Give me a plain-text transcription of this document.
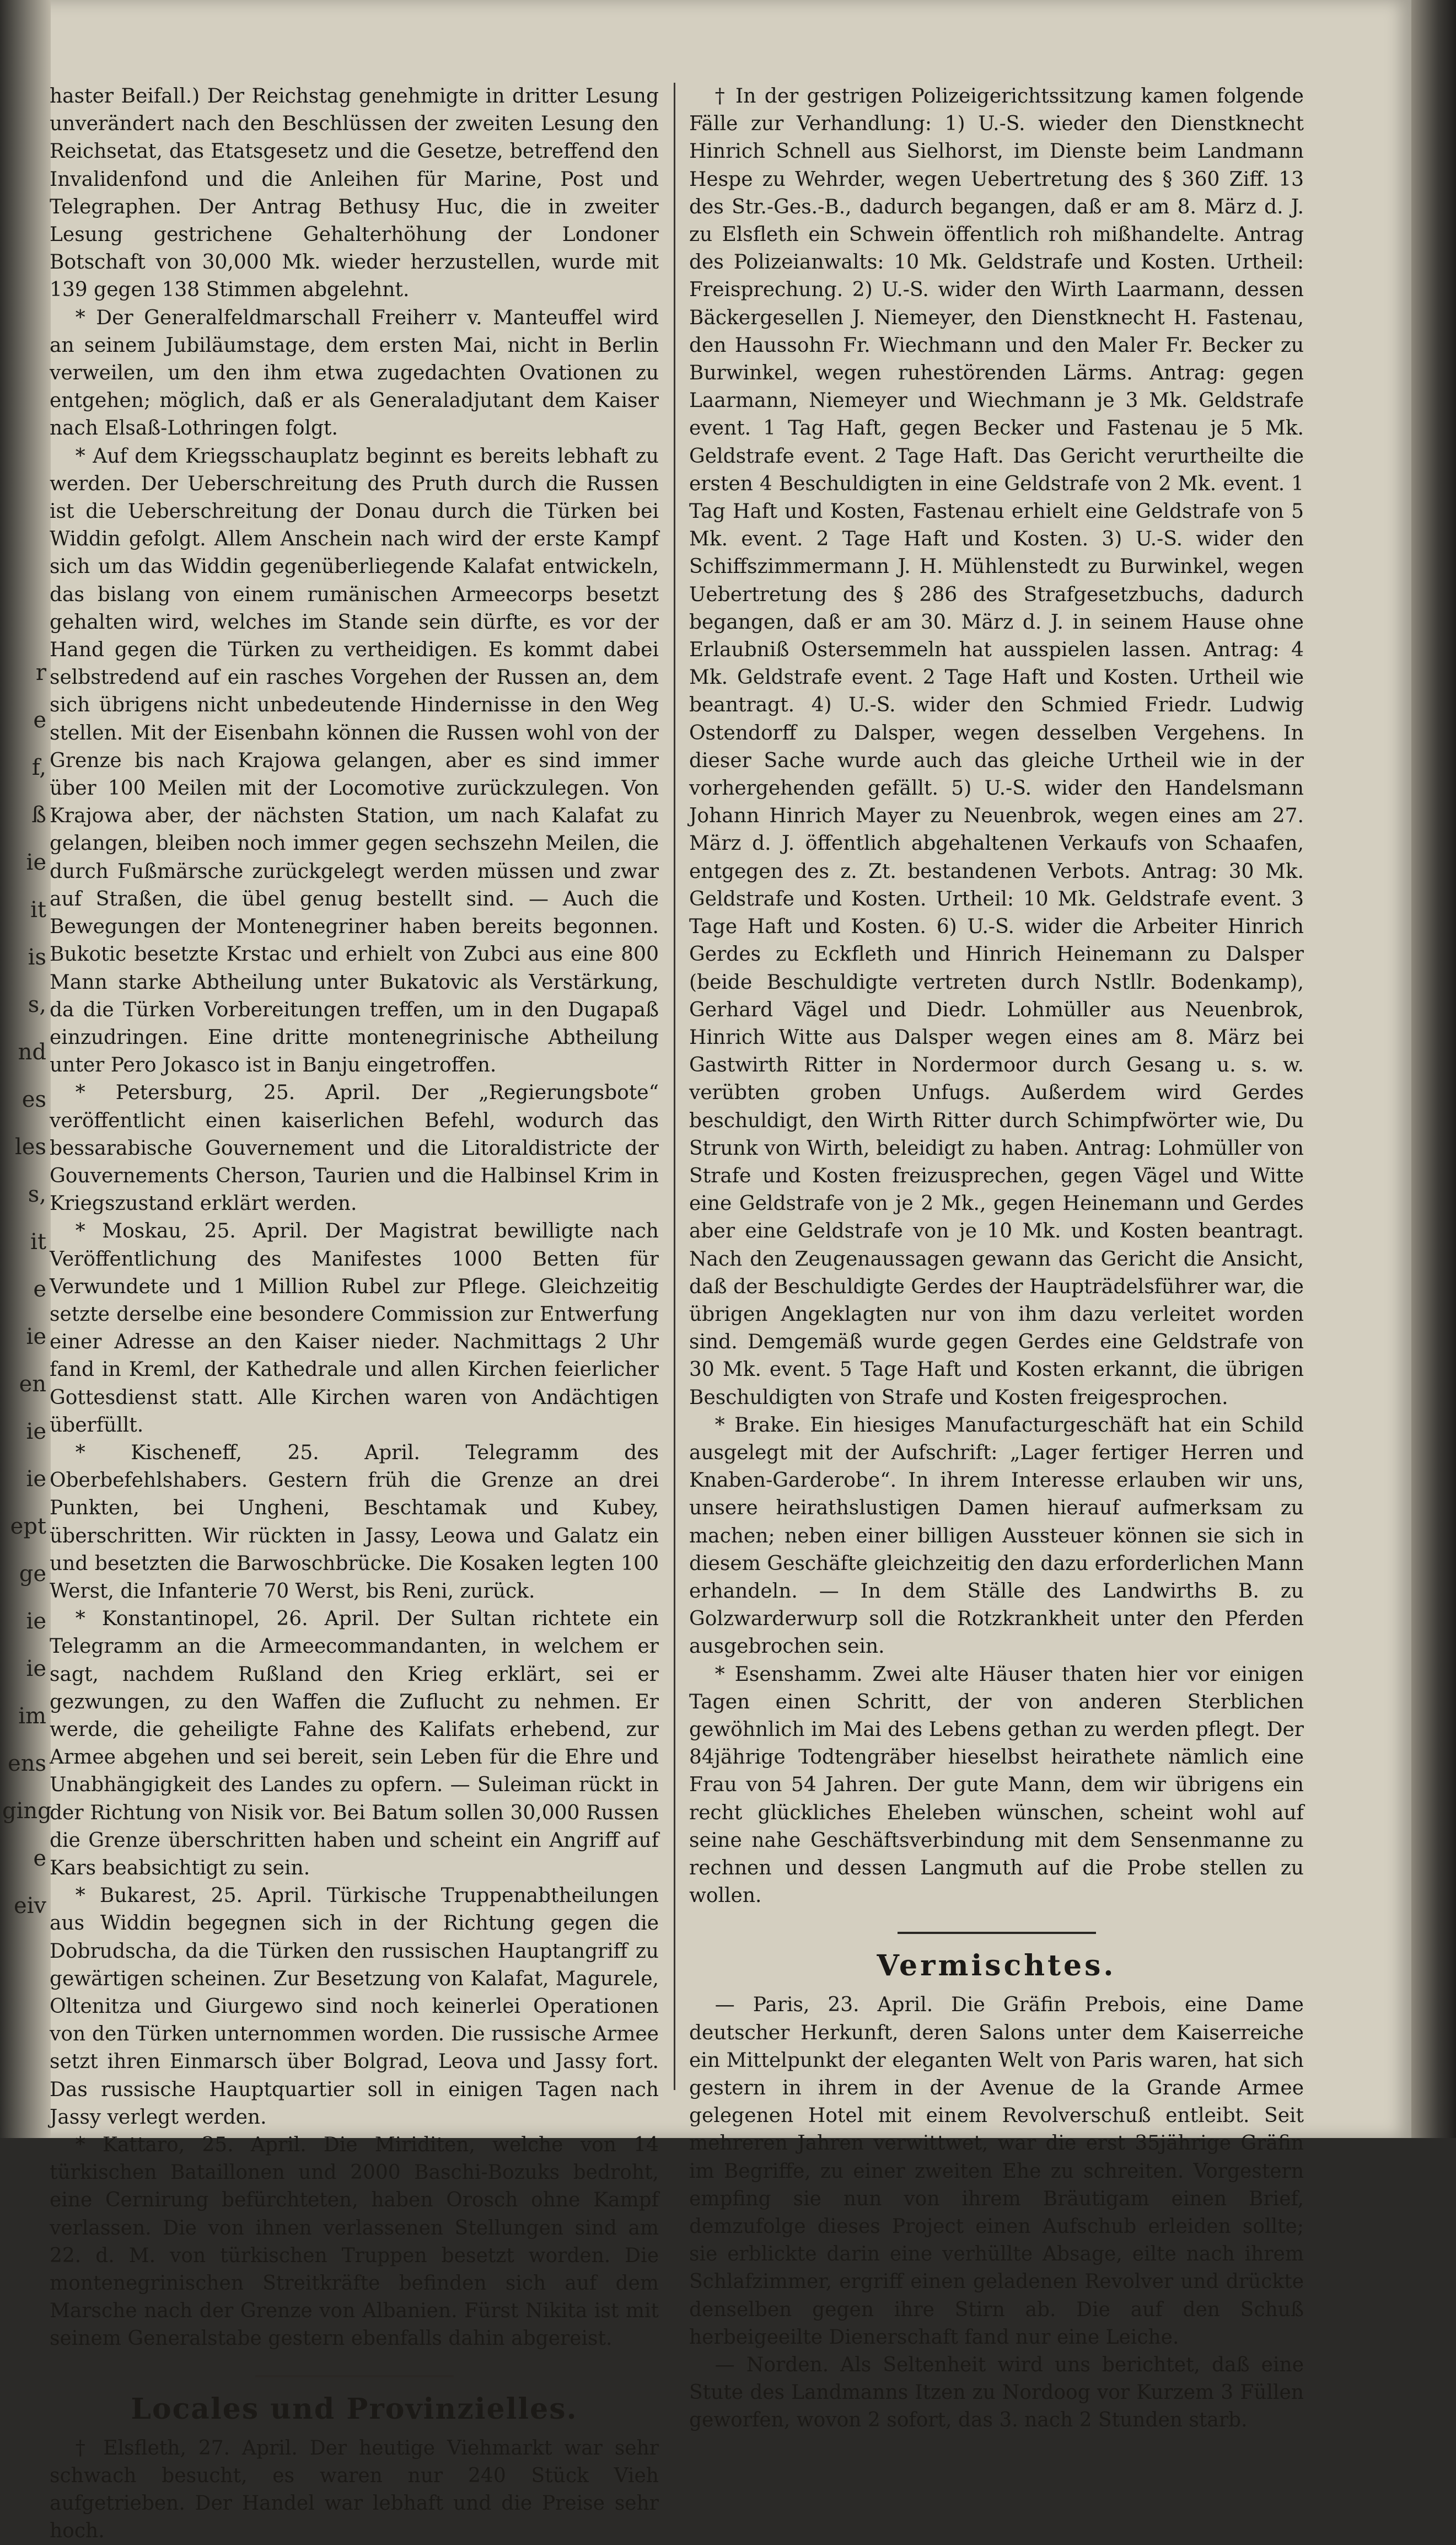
r
e
f,
ß
ie
it
is
s,
nd
es
les
s,
it
e
ie
en
ie
ie
ept
ge
ie
ie
im
ens
ging
e
eiv

haster Beifall.) Der Reichstag genehmigte in dritter Lesung unverändert nach den Beschlüssen der zweiten Lesung den Reichsetat, das Etatsgesetz und die Gesetze, betreffend den Invalidenfond und die Anleihen für Marine, Post und Telegraphen. Der Antrag Bethusy Huc, die in zweiter Lesung gestrichene Gehalterhöhung der Londoner Botschaft von 30,000 Mk. wieder herzustellen, wurde mit 139 gegen 138 Stimmen abgelehnt.

* Der Generalfeldmarschall Freiherr v. Manteuffel wird an seinem Jubiläumstage, dem ersten Mai, nicht in Berlin verweilen, um den ihm etwa zugedachten Ovationen zu entgehen; möglich, daß er als Generaladjutant dem Kaiser nach Elsaß-Lothringen folgt.

* Auf dem Kriegsschauplatz beginnt es bereits lebhaft zu werden. Der Ueberschreitung des Pruth durch die Russen ist die Ueberschreitung der Donau durch die Türken bei Widdin gefolgt. Allem Anschein nach wird der erste Kampf sich um das Widdin gegenüberliegende Kalafat entwickeln, das bislang von einem rumänischen Armeecorps besetzt gehalten wird, welches im Stande sein dürfte, es vor der Hand gegen die Türken zu vertheidigen. Es kommt dabei selbstredend auf ein rasches Vorgehen der Russen an, dem sich übrigens nicht unbedeutende Hindernisse in den Weg stellen. Mit der Eisenbahn können die Russen wohl von der Grenze bis nach Krajowa gelangen, aber es sind immer über 100 Meilen mit der Locomotive zurückzulegen. Von Krajowa aber, der nächsten Station, um nach Kalafat zu gelangen, bleiben noch immer gegen sechszehn Meilen, die durch Fußmärsche zurückgelegt werden müssen und zwar auf Straßen, die übel genug bestellt sind. — Auch die Bewegungen der Montenegriner haben bereits begonnen. Bukotic besetzte Krstac und erhielt von Zubci aus eine 800 Mann starke Abtheilung unter Bukatovic als Verstärkung, da die Türken Vorbereitungen treffen, um in den Dugapaß einzudringen. Eine dritte montenegrinische Abtheilung unter Pero Jokasco ist in Banju eingetroffen.

* Petersburg, 25. April. Der „Regierungsbote“ veröffentlicht einen kaiserlichen Befehl, wodurch das bessarabische Gouvernement und die Litoraldistricte der Gouvernements Cherson, Taurien und die Halbinsel Krim in Kriegszustand erklärt werden.

* Moskau, 25. April. Der Magistrat bewilligte nach Veröffentlichung des Manifestes 1000 Betten für Verwundete und 1 Million Rubel zur Pflege. Gleichzeitig setzte derselbe eine besondere Commission zur Entwerfung einer Adresse an den Kaiser nieder. Nachmittags 2 Uhr fand in Kreml, der Kathedrale und allen Kirchen feierlicher Gottesdienst statt. Alle Kirchen waren von Andächtigen überfüllt.

* Kischeneff, 25. April. Telegramm des Oberbefehlshabers. Gestern früh die Grenze an drei Punkten, bei Ungheni, Beschtamak und Kubey, überschritten. Wir rückten in Jassy, Leowa und Galatz ein und besetzten die Barwoschbrücke. Die Kosaken legten 100 Werst, die Infanterie 70 Werst, bis Reni, zurück.

* Konstantinopel, 26. April. Der Sultan richtete ein Telegramm an die Armeecommandanten, in welchem er sagt, nachdem Rußland den Krieg erklärt, sei er gezwungen, zu den Waffen die Zuflucht zu nehmen. Er werde, die geheiligte Fahne des Kalifats erhebend, zur Armee abgehen und sei bereit, sein Leben für die Ehre und Unabhängigkeit des Landes zu opfern. — Suleiman rückt in der Richtung von Nisik vor. Bei Batum sollen 30,000 Russen die Grenze überschritten haben und scheint ein Angriff auf Kars beabsichtigt zu sein.

* Bukarest, 25. April. Türkische Truppenabtheilungen aus Widdin begegnen sich in der Richtung gegen die Dobrudscha, da die Türken den russischen Hauptangriff zu gewärtigen scheinen. Zur Besetzung von Kalafat, Magurele, Oltenitza und Giurgewo sind noch keinerlei Operationen von den Türken unternommen worden. Die russische Armee setzt ihren Einmarsch über Bolgrad, Leova und Jassy fort. Das russische Hauptquartier soll in einigen Tagen nach Jassy verlegt werden.

* Kattaro, 25. April. Die Miriditen, welche von 14 türkischen Bataillonen und 2000 Baschi-Bozuks bedroht, eine Cernirung befürchteten, haben Orosch ohne Kampf verlassen. Die von ihnen verlassenen Stellungen sind am 22. d. M. von türkischen Truppen besetzt worden. Die montenegrinischen Streitkräfte befinden sich auf dem Marsche nach der Grenze von Albanien. Fürst Nikita ist mit seinem Generalstabe gestern ebenfalls dahin abgereist.

Locales und Provinzielles.

† Elsfleth, 27. April. Der heutige Viehmarkt war sehr schwach besucht, es waren nur 240 Stück Vieh aufgetrieben. Der Handel war lebhaft und die Preise sehr hoch.

† In der gestrigen Polizeigerichtssitzung kamen folgende Fälle zur Verhandlung: 1) U.-S. wieder den Dienstknecht Hinrich Schnell aus Sielhorst, im Dienste beim Landmann Hespe zu Wehrder, wegen Uebertretung des § 360 Ziff. 13 des Str.-Ges.-B., dadurch begangen, daß er am 8. März d. J. zu Elsfleth ein Schwein öffentlich roh mißhandelte. Antrag des Polizeianwalts: 10 Mk. Geldstrafe und Kosten. Urtheil: Freisprechung. 2) U.-S. wider den Wirth Laarmann, dessen Bäckergesellen J. Niemeyer, den Dienstknecht H. Fastenau, den Haussohn Fr. Wiechmann und den Maler Fr. Becker zu Burwinkel, wegen ruhestörenden Lärms. Antrag: gegen Laarmann, Niemeyer und Wiechmann je 3 Mk. Geldstrafe event. 1 Tag Haft, gegen Becker und Fastenau je 5 Mk. Geldstrafe event. 2 Tage Haft. Das Gericht verurtheilte die ersten 4 Beschuldigten in eine Geldstrafe von 2 Mk. event. 1 Tag Haft und Kosten, Fastenau erhielt eine Geldstrafe von 5 Mk. event. 2 Tage Haft und Kosten. 3) U.-S. wider den Schiffszimmermann J. H. Mühlenstedt zu Burwinkel, wegen Uebertretung des § 286 des Strafgesetzbuchs, dadurch begangen, daß er am 30. März d. J. in seinem Hause ohne Erlaubniß Ostersemmeln hat ausspielen lassen. Antrag: 4 Mk. Geldstrafe event. 2 Tage Haft und Kosten. Urtheil wie beantragt. 4) U.-S. wider den Schmied Friedr. Ludwig Ostendorff zu Dalsper, wegen desselben Vergehens. In dieser Sache wurde auch das gleiche Urtheil wie in der vorhergehenden gefällt. 5) U.-S. wider den Handelsmann Johann Hinrich Mayer zu Neuenbrok, wegen eines am 27. März d. J. öffentlich abgehaltenen Verkaufs von Schaafen, entgegen des z. Zt. bestandenen Verbots. Antrag: 30 Mk. Geldstrafe und Kosten. Urtheil: 10 Mk. Geldstrafe event. 3 Tage Haft und Kosten. 6) U.-S. wider die Arbeiter Hinrich Gerdes zu Eckfleth und Hinrich Heinemann zu Dalsper (beide Beschuldigte vertreten durch Nstllr. Bodenkamp), Gerhard Vägel und Diedr. Lohmüller aus Neuenbrok, Hinrich Witte aus Dalsper wegen eines am 8. März bei Gastwirth Ritter in Nordermoor durch Gesang u. s. w. verübten groben Unfugs. Außerdem wird Gerdes beschuldigt, den Wirth Ritter durch Schimpfwörter wie, Du Strunk von Wirth, beleidigt zu haben. Antrag: Lohmüller von Strafe und Kosten freizusprechen, gegen Vägel und Witte eine Geldstrafe von je 2 Mk., gegen Heinemann und Gerdes aber eine Geldstrafe von je 10 Mk. und Kosten beantragt. Nach den Zeugenaussagen gewann das Gericht die Ansicht, daß der Beschuldigte Gerdes der Haupträdelsführer war, die übrigen Angeklagten nur von ihm dazu verleitet worden sind. Demgemäß wurde gegen Gerdes eine Geldstrafe von 30 Mk. event. 5 Tage Haft und Kosten erkannt, die übrigen Beschuldigten von Strafe und Kosten freigesprochen.

* Brake. Ein hiesiges Manufacturgeschäft hat ein Schild ausgelegt mit der Aufschrift: „Lager fertiger Herren und Knaben-Garderobe“. In ihrem Interesse erlauben wir uns, unsere heirathslustigen Damen hierauf aufmerksam zu machen; neben einer billigen Aussteuer können sie sich in diesem Geschäfte gleichzeitig den dazu erforderlichen Mann erhandeln. — In dem Ställe des Landwirths B. zu Golzwarderwurp soll die Rotzkrankheit unter den Pferden ausgebrochen sein.

* Esenshamm. Zwei alte Häuser thaten hier vor einigen Tagen einen Schritt, der von anderen Sterblichen gewöhnlich im Mai des Lebens gethan zu werden pflegt. Der 84jährige Todtengräber hieselbst heirathete nämlich eine Frau von 54 Jahren. Der gute Mann, dem wir übrigens ein recht glückliches Eheleben wünschen, scheint wohl auf seine nahe Geschäftsverbindung mit dem Sensenmanne zu rechnen und dessen Langmuth auf die Probe stellen zu wollen.

Vermischtes.

— Paris, 23. April. Die Gräfin Prebois, eine Dame deutscher Herkunft, deren Salons unter dem Kaiserreiche ein Mittelpunkt der eleganten Welt von Paris waren, hat sich gestern in ihrem in der Avenue de la Grande Armee gelegenen Hotel mit einem Revolverschuß entleibt. Seit mehreren Jahren verwittwet, war die erst 35jährige Gräfin im Begriffe, zu einer zweiten Ehe zu schreiten. Vorgestern empfing sie nun von ihrem Bräutigam einen Brief, demzufolge dieses Project einen Aufschub erleiden sollte; sie erblickte darin eine verhüllte Absage, eilte nach ihrem Schlafzimmer, ergriff einen geladenen Revolver und drückte denselben gegen ihre Stirn ab. Die auf den Schuß herbeigeeilte Dienerschaft fand nur eine Leiche.

— Norden. Als Seltenheit wird uns berichtet, daß eine Stute des Landmanns Itzen zu Nordoog vor Kurzem 3 Füllen geworfen, wovon 2 sofort, das 3. nach 2 Stunden starb.
